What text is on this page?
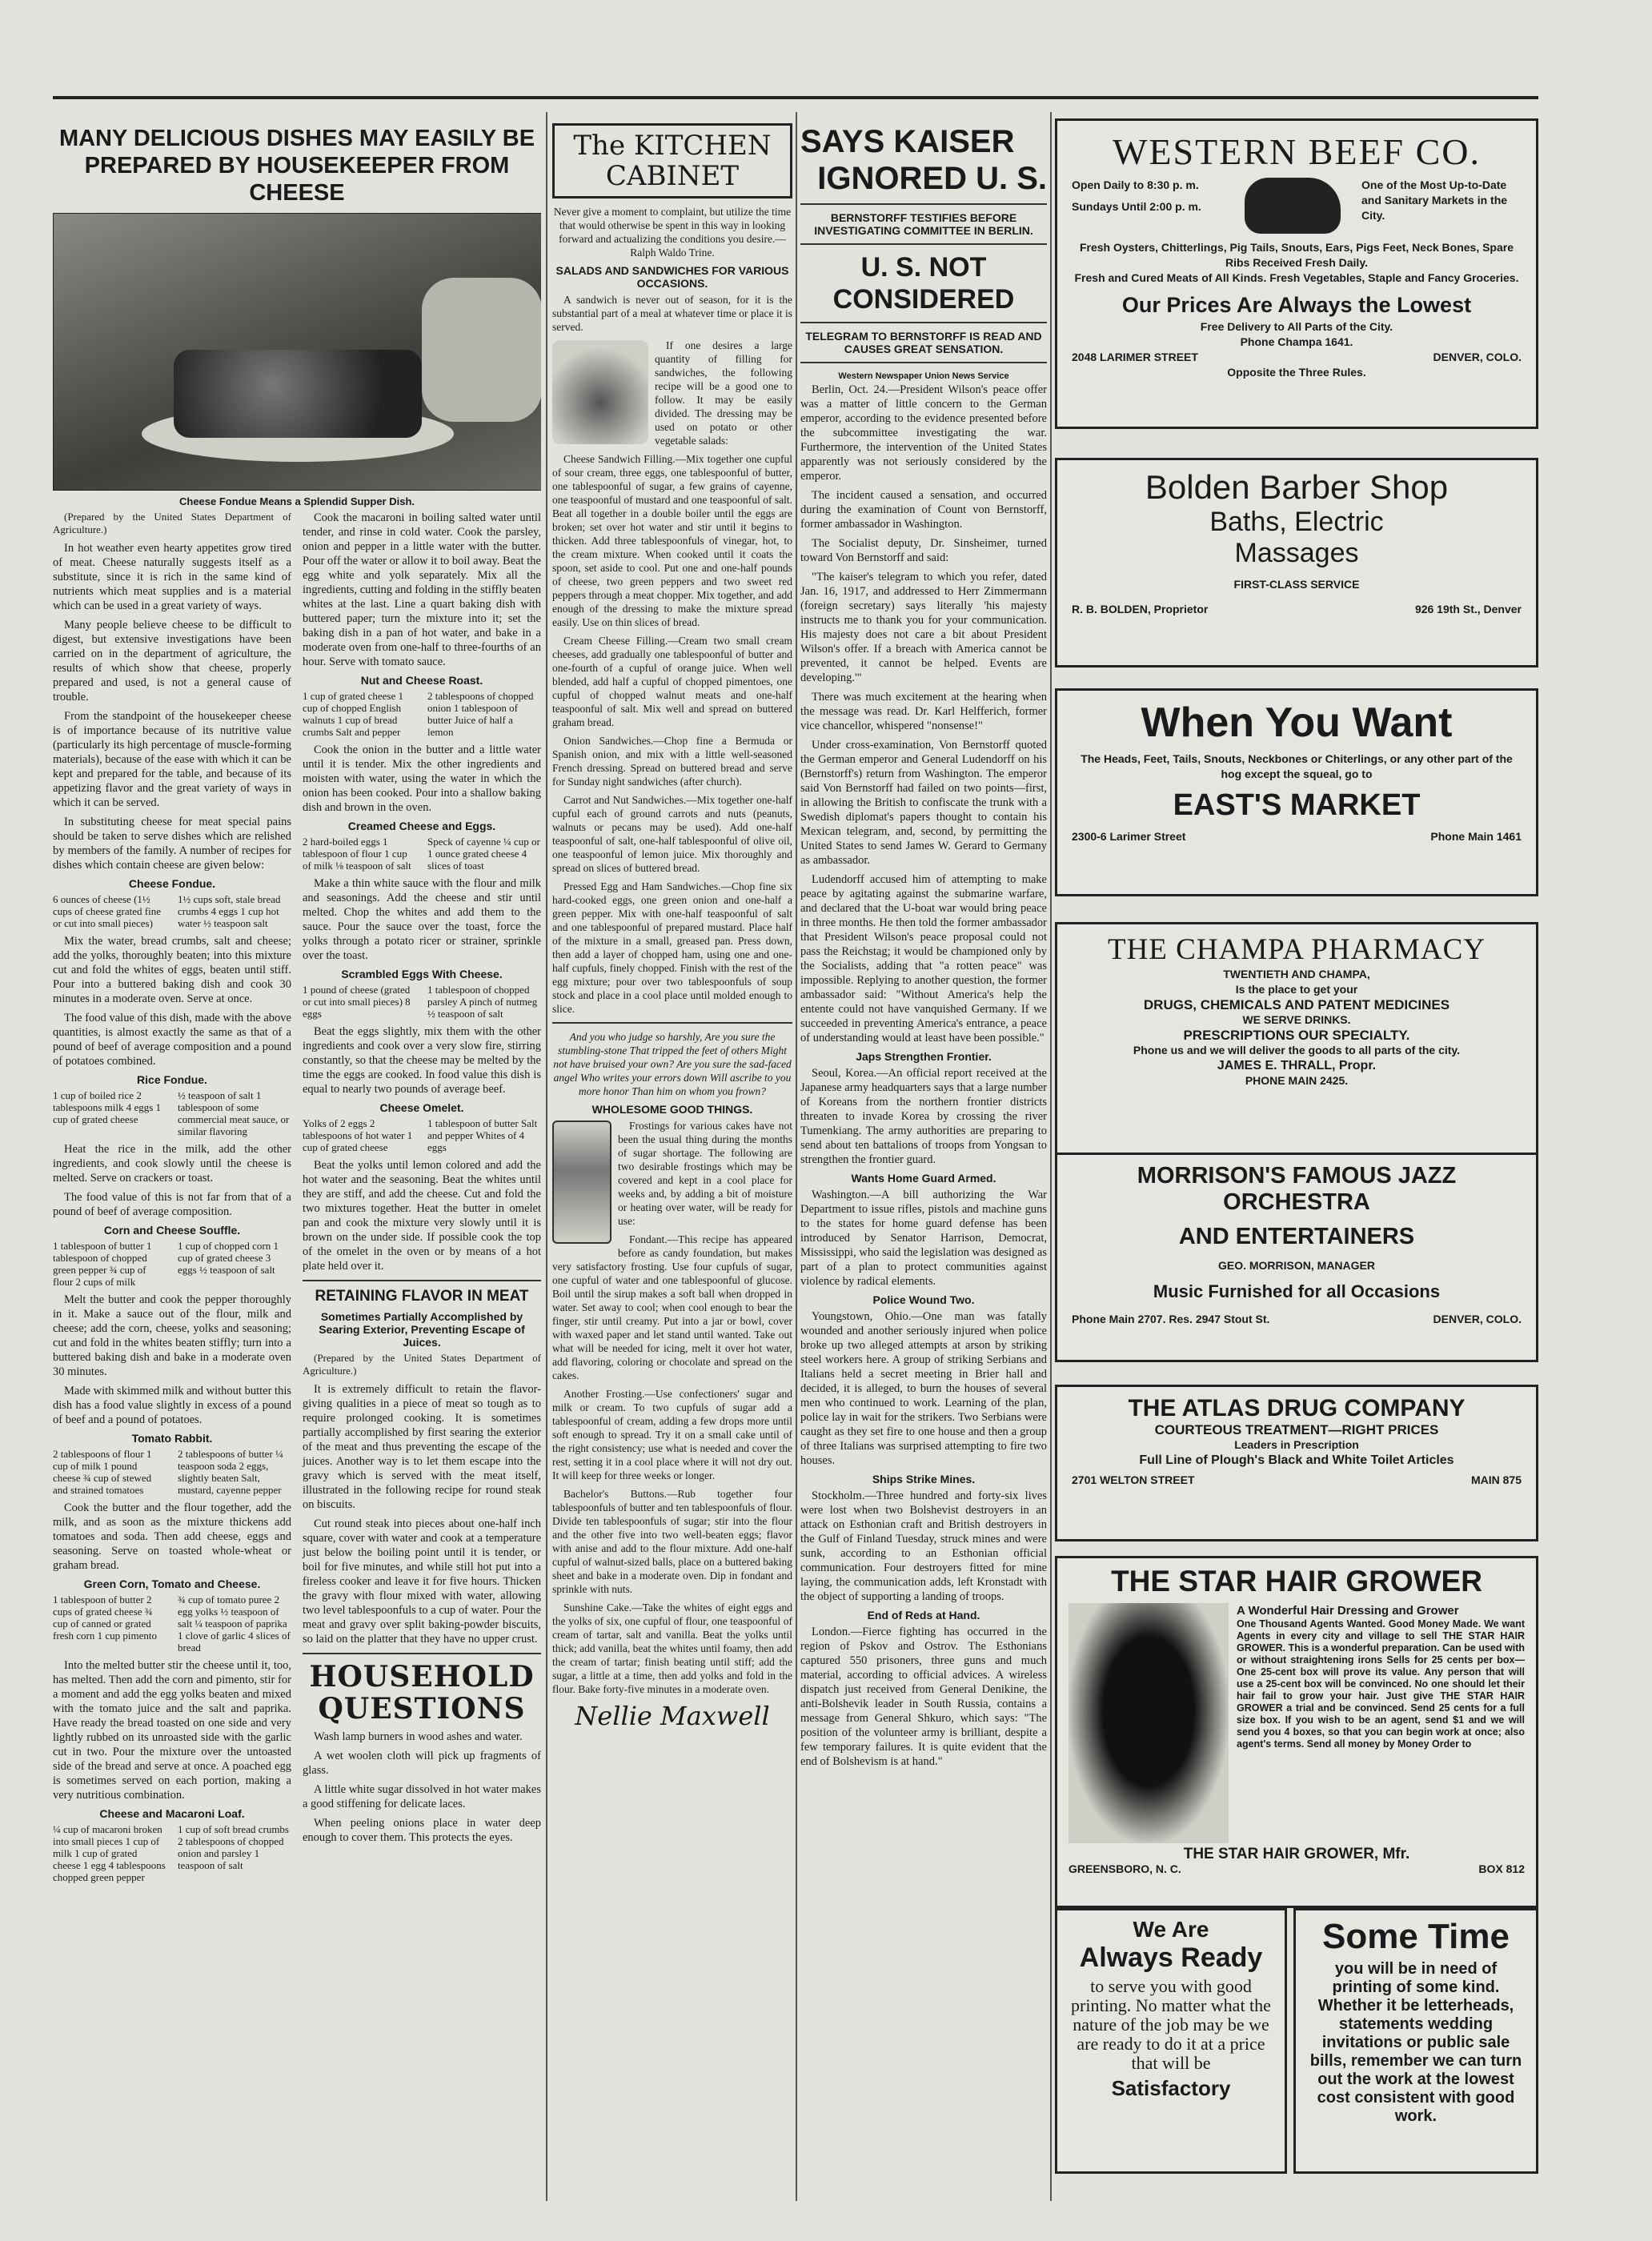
MANY DELICIOUS DISHES MAY EASILY BE PREPARED BY HOUSEKEEPER FROM CHEESE
Cheese Fondue Means a Splendid Supper Dish.

(Prepared by the United States Department of Agriculture.)

In hot weather even hearty appetites grow tired of meat. Cheese naturally suggests itself as a substitute, since it is rich in the same kind of nutrients which meat supplies and is a material which can be used in a great variety of ways.

Many people believe cheese to be difficult to digest, but extensive investigations have been carried on in the department of agriculture, the results of which show that cheese, properly prepared and used, is not a general cause of trouble.

From the standpoint of the housekeeper cheese is of importance because of its nutritive value (particularly its high percentage of muscle-forming materials), because of the ease with which it can be kept and prepared for the table, and because of its appetizing flavor and the great variety of ways in which it can be served.

In substituting cheese for meat special pains should be taken to serve dishes which are relished by members of the family. A number of recipes for dishes which contain cheese are given below:

Cheese Fondue.
6 ounces of cheese (1½ cups of cheese grated fine or cut into small pieces)
1½ cups soft, stale bread crumbs 4 eggs 1 cup hot water ½ teaspoon salt

Mix the water, bread crumbs, salt and cheese; add the yolks, thoroughly beaten; into this mixture cut and fold the whites of eggs, beaten until stiff. Pour into a buttered baking dish and cook 30 minutes in a moderate oven. Serve at once.

The food value of this dish, made with the above quantities, is almost exactly the same as that of a pound of beef of average composition and a pound of potatoes combined.

Rice Fondue.
1 cup of boiled rice 2 tablespoons milk 4 eggs 1 cup of grated cheese
½ teaspoon of salt 1 tablespoon of some commercial meat sauce, or similar flavoring

Heat the rice in the milk, add the other ingredients, and cook slowly until the cheese is melted. Serve on crackers or toast.

The food value of this is not far from that of a pound of beef of average composition.

Corn and Cheese Souffle.
1 tablespoon of butter 1 tablespoon of chopped green pepper ¾ cup of flour 2 cups of milk
1 cup of chopped corn 1 cup of grated cheese 3 eggs ½ teaspoon of salt

Melt the butter and cook the pepper thoroughly in it. Make a sauce out of the flour, milk and cheese; add the corn, cheese, yolks and seasoning; cut and fold in the whites beaten stiffly; turn into a buttered baking dish and bake in a moderate oven 30 minutes.

Made with skimmed milk and without butter this dish has a food value slightly in excess of a pound of beef and a pound of potatoes.

Tomato Rabbit.
2 tablespoons of flour 1 cup of milk 1 pound cheese ¾ cup of stewed and strained tomatoes
2 tablespoons of butter ¼ teaspoon soda 2 eggs, slightly beaten Salt, mustard, cayenne pepper

Cook the butter and the flour together, add the milk, and as soon as the mixture thickens add tomatoes and soda. Then add cheese, eggs and seasoning. Serve on toasted whole-wheat or graham bread.

Green Corn, Tomato and Cheese.
1 tablespoon of butter 2 cups of grated cheese ¾ cup of canned or grated fresh corn 1 cup pimento
¾ cup of tomato puree 2 egg yolks ½ teaspoon of salt ¼ teaspoon of paprika 1 clove of garlic 4 slices of bread

Into the melted butter stir the cheese until it, too, has melted. Then add the corn and pimento, stir for a moment and add the egg yolks beaten and mixed with the tomato juice and the salt and paprika. Have ready the bread toasted on one side and very lightly rubbed on its unroasted side with the garlic cut in two. Pour the mixture over the untoasted side of the bread and serve at once. A poached egg is sometimes served on each portion, making a very nutritious combination.

Cheese and Macaroni Loaf.
¼ cup of macaroni broken into small pieces 1 cup of milk 1 cup of grated cheese 1 egg 4 tablespoons chopped green pepper
1 cup of soft bread crumbs 2 tablespoons of chopped onion and parsley 1 teaspoon of salt

Cook the macaroni in boiling salted water until tender, and rinse in cold water. Cook the parsley, onion and pepper in a little water with the butter. Pour off the water or allow it to boil away. Beat the egg white and yolk separately. Mix all the ingredients, cutting and folding in the stiffly beaten whites at the last. Line a quart baking dish with buttered paper; turn the mixture into it; set the baking dish in a pan of hot water, and bake in a moderate oven from one-half to three-fourths of an hour. Serve with tomato sauce.

Nut and Cheese Roast.
1 cup of grated cheese 1 cup of chopped English walnuts 1 cup of bread crumbs Salt and pepper
2 tablespoons of chopped onion 1 tablespoon of butter Juice of half a lemon

Cook the onion in the butter and a little water until it is tender. Mix the other ingredients and moisten with water, using the water in which the onion has been cooked. Pour into a shallow baking dish and brown in the oven.

Creamed Cheese and Eggs.
2 hard-boiled eggs 1 tablespoon of flour 1 cup of milk ⅛ teaspoon of salt
Speck of cayenne ¼ cup or 1 ounce grated cheese 4 slices of toast

Make a thin white sauce with the flour and milk and seasonings. Add the cheese and stir until melted. Chop the whites and add them to the sauce. Pour the sauce over the toast, force the yolks through a potato ricer or strainer, sprinkle over the toast.

Scrambled Eggs With Cheese.
1 pound of cheese (grated or cut into small pieces) 8 eggs
1 tablespoon of chopped parsley A pinch of nutmeg ½ teaspoon of salt

Beat the eggs slightly, mix them with the other ingredients and cook over a very slow fire, stirring constantly, so that the cheese may be melted by the time the eggs are cooked. In food value this dish is equal to nearly two pounds of average beef.

Cheese Omelet.
Yolks of 2 eggs 2 tablespoons of hot water 1 cup of grated cheese
1 tablespoon of butter Salt and pepper Whites of 4 eggs

Beat the yolks until lemon colored and add the hot water and the seasoning. Beat the whites until they are stiff, and add the cheese. Cut and fold the two mixtures together. Heat the butter in omelet pan and cook the mixture very slowly until it is brown on the under side. If possible cook the top of the omelet in the oven or by means of a hot plate held over it.

RETAINING FLAVOR IN MEAT
Sometimes Partially Accomplished by Searing Exterior, Preventing Escape of Juices.

(Prepared by the United States Department of Agriculture.)

It is extremely difficult to retain the flavor-giving qualities in a piece of meat so tough as to require prolonged cooking. It is sometimes partially accomplished by first searing the exterior of the meat and thus preventing the escape of the juices. Another way is to let them escape into the gravy which is served with the meat itself, illustrated in the following recipe for round steak on biscuits.

Cut round steak into pieces about one-half inch square, cover with water and cook at a temperature just below the boiling point until it is tender, or boil for five minutes, and while still hot put into a fireless cooker and leave it for five hours. Thicken the gravy with flour mixed with water, allowing two level tablespoonfuls to a cup of water. Pour the meat and gravy over split baking-powder biscuits, so laid on the platter that they have no upper crust.

HOUSEHOLD
QUESTIONS

Wash lamp burners in wood ashes and water.

A wet woolen cloth will pick up fragments of glass.

A little white sugar dissolved in hot water makes a good stiffening for delicate laces.

When peeling onions place in water deep enough to cover them. This protects the eyes.

The KITCHEN CABINET

Never give a moment to complaint, but utilize the time that would otherwise be spent in this way in looking forward and actualizing the conditions you desire.—Ralph Waldo Trine.

SALADS AND SANDWICHES FOR VARIOUS OCCASIONS.

A sandwich is never out of season, for it is the substantial part of a meal at whatever time or place it is served.

If one desires a large quantity of filling for sandwiches, the following recipe will be a good one to follow. It may be easily divided. The dressing may be used on potato or other vegetable salads:

Cheese Sandwich Filling.—Mix together one cupful of sour cream, three eggs, one tablespoonful of butter, one tablespoonful of sugar, a few grains of cayenne, one teaspoonful of mustard and one teaspoonful of salt. Beat all together in a double boiler until the eggs are broken; set over hot water and stir until it begins to thicken. Add three tablespoonfuls of vinegar, hot, to the cream mixture. When cooked until it coats the spoon, set aside to cool. Put one and one-half pounds of cheese, two green peppers and two sweet red peppers through a meat chopper. Mix together, and add enough of the dressing to make the mixture spread easily. Use on thin slices of bread.

Cream Cheese Filling.—Cream two small cream cheeses, add gradually one tablespoonful of butter and one-fourth of a cupful of orange juice. When well blended, add half a cupful of chopped pimentoes, one cupful of chopped walnut meats and one-half teaspoonful of salt. Mix well and spread on buttered graham bread.

Onion Sandwiches.—Chop fine a Bermuda or Spanish onion, and mix with a little well-seasoned French dressing. Spread on buttered bread and serve for Sunday night sandwiches (after church).

Carrot and Nut Sandwiches.—Mix together one-half cupful each of ground carrots and nuts (peanuts, walnuts or pecans may be used). Add one-half teaspoonful of salt, one-half tablespoonful of olive oil, one teaspoonful of lemon juice. Mix thoroughly and spread on slices of buttered bread.

Pressed Egg and Ham Sandwiches.—Chop fine six hard-cooked eggs, one green onion and one-half a green pepper. Mix with one-half teaspoonful of salt and one tablespoonful of prepared mustard. Place half of the mixture in a small, greased pan. Press down, then add a layer of chopped ham, using one and one-half cupfuls, finely chopped. Finish with the rest of the egg mixture; pour over two tablespoonfuls of soup stock and place in a cool place until molded enough to slice.

And you who judge so harshly, Are you sure the stumbling-stone That tripped the feet of others Might not have bruised your own? Are you sure the sad-faced angel Who writes your errors down Will ascribe to you more honor Than him on whom you frown?

WHOLESOME GOOD THINGS.

Frostings for various cakes have not been the usual thing during the months of sugar shortage. The following are two desirable frostings which may be covered and kept in a cool place for weeks and, by adding a bit of moisture or heating over water, will be ready for use:

Fondant.—This recipe has appeared before as candy foundation, but makes very satisfactory frosting. Use four cupfuls of sugar, one cupful of water and one tablespoonful of glucose. Boil until the sirup makes a soft ball when dropped in water. Set away to cool; when cool enough to bear the finger, stir until creamy. Put into a jar or bowl, cover with waxed paper and let stand until wanted. Take out what will be needed for icing, melt it over hot water, add flavoring, coloring or chocolate and spread on the cakes.

Another Frosting.—Use confectioners' sugar and milk or cream. To two cupfuls of sugar add a tablespoonful of cream, adding a few drops more until soft enough to spread. Try it on a small cake until of the right consistency; use what is needed and cover the rest, setting it in a cool place where it will not dry out. It will keep for three weeks or longer.

Bachelor's Buttons.—Rub together four tablespoonfuls of butter and ten tablespoonfuls of flour. Divide ten tablespoonfuls of sugar; stir into the flour and the other five into two well-beaten eggs; flavor with anise and add to the flour mixture. Add one-half cupful of walnut-sized balls, place on a buttered baking sheet and bake in a moderate oven. Dip in fondant and sprinkle with nuts.

Sunshine Cake.—Take the whites of eight eggs and the yolks of six, one cupful of flour, one teaspoonful of cream of tartar, salt and vanilla. Beat the yolks until thick; add vanilla, beat the whites until foamy, then add the cream of tartar; finish beating until stiff; add the sugar, a little at a time, then add yolks and fold in the flour. Bake forty-five minutes in a moderate oven.

Nellie Maxwell
SAYS KAISER
IGNORED U. S.
BERNSTORFF TESTIFIES BEFORE INVESTIGATING COMMITTEE IN BERLIN.
U. S. NOT CONSIDERED
TELEGRAM TO BERNSTORFF IS READ AND CAUSES GREAT SENSATION.
Western Newspaper Union News Service

Berlin, Oct. 24.—President Wilson's peace offer was a matter of little concern to the German emperor, according to the evidence presented before the subcommittee investigating the war. Furthermore, the intervention of the United States apparently was not seriously considered by the emperor.

The incident caused a sensation, and occurred during the examination of Count von Bernstorff, former ambassador in Washington.

The Socialist deputy, Dr. Sinsheimer, turned toward Von Bernstorff and said:

"The kaiser's telegram to which you refer, dated Jan. 16, 1917, and addressed to Herr Zimmermann (foreign secretary) says literally 'his majesty instructs me to thank you for your communication. His majesty does not care a bit about President Wilson's offer. If a breach with America cannot be prevented, it cannot be helped. Events are developing.'"

There was much excitement at the hearing when the message was read. Dr. Karl Helfferich, former vice chancellor, whispered "nonsense!"

Under cross-examination, Von Bernstorff quoted the German emperor and General Ludendorff on his (Bernstorff's) return from Washington. The emperor said Von Bernstorff had failed on two points—first, in allowing the British to confiscate the trunk with a Swedish diplomat's papers thought to contain his Mexican telegram, and, second, by permitting the United States to send James W. Gerard to Germany as ambassador.

Ludendorff accused him of attempting to make peace by agitating against the submarine warfare, and declared that the U-boat war would bring peace in three months. He then told the former ambassador that President Wilson's peace proposal could not pass the Reichstag; it would be championed only by the Socialists, adding that "a rotten peace" was impossible. Replying to another question, the former ambassador said: "Without America's help the entente could not have vanquished Germany. If we succeeded in preventing America's entrance, a peace of understanding would at least have been possible."

Japs Strengthen Frontier.

Seoul, Korea.—An official report received at the Japanese army headquarters says that a large number of Koreans from the northern frontier districts threaten to invade Korea by crossing the river Tumenkiang. The army authorities are preparing to send about ten battalions of troops from Yongsan to strengthen the frontier guard.

Wants Home Guard Armed.

Washington.—A bill authorizing the War Department to issue rifles, pistols and machine guns to the states for home guard defense has been introduced by Senator Harrison, Democrat, Mississippi, who said the legislation was designed as part of a plan to protect communities against violence by radical elements.

Police Wound Two.

Youngstown, Ohio.—One man was fatally wounded and another seriously injured when police broke up two alleged attempts at arson by striking steel workers here. A group of striking Serbians and Italians held a secret meeting in Brier hall and decided, it is alleged, to burn the houses of several men who continued to work. Learning of the plan, police lay in wait for the strikers. Two Serbians were caught as they set fire to one house and then a group of three Italians was surprised attempting to fire two houses.

Ships Strike Mines.

Stockholm.—Three hundred and forty-six lives were lost when two Bolshevist destroyers in an attack on Esthonian craft and British destroyers in the Gulf of Finland Tuesday, struck mines and were sunk, according to an Esthonian official communication. Four destroyers fitted for mine laying, the communication adds, left Kronstadt with the object of supporting a landing of troops.

End of Reds at Hand.

London.—Fierce fighting has occurred in the region of Pskov and Ostrov. The Esthonians captured 550 prisoners, three guns and much material, according to official advices. A wireless dispatch just received from General Denikine, the anti-Bolshevik leader in South Russia, contains a message from General Shkuro, which says: "The position of the volunteer army is brilliant, despite a few temporary failures. It is quite evident that the end of Bolshevism is at hand."

WESTERN BEEF CO.
Open Daily to 8:30 p. m.
Sundays Until 2:00 p. m.
One of the Most Up-to-Date and Sanitary Markets in the City.
Fresh Oysters, Chitterlings, Pig Tails, Snouts, Ears, Pigs Feet, Neck Bones, Spare Ribs Received Fresh Daily.
Fresh and Cured Meats of All Kinds. Fresh Vegetables, Staple and Fancy Groceries.
Our Prices Are Always the Lowest
Free Delivery to All Parts of the City.
Phone Champa 1641.
2048 LARIMER STREET	DENVER, COLO.
Opposite the Three Rules.
Bolden Barber Shop
Baths, Electric
Massages
FIRST-CLASS SERVICE
R. B. BOLDEN, Proprietor	926 19th St., Denver
When You Want
The Heads, Feet, Tails, Snouts, Neckbones or Chiterlings, or any other part of the hog except the squeal, go to
EAST'S MARKET
2300-6 Larimer Street	Phone Main 1461
THE CHAMPA PHARMACY
TWENTIETH AND CHAMPA,
Is the place to get your
DRUGS, CHEMICALS AND PATENT MEDICINES
WE SERVE DRINKS.
PRESCRIPTIONS OUR SPECIALTY.
Phone us and we will deliver the goods to all parts of the city.
JAMES E. THRALL, Propr.
PHONE MAIN 2425.
MORRISON'S FAMOUS JAZZ ORCHESTRA
AND ENTERTAINERS
GEO. MORRISON, MANAGER
Music Furnished for all Occasions
Phone Main 2707. Res. 2947 Stout St.	DENVER, COLO.
THE ATLAS DRUG COMPANY
COURTEOUS TREATMENT—RIGHT PRICES
Leaders in Prescription
Full Line of Plough's Black and White Toilet Articles
2701 WELTON STREET	MAIN 875
THE STAR HAIR GROWER
A Wonderful Hair Dressing and Grower
One Thousand Agents Wanted. Good Money Made. We want Agents in every city and village to sell THE STAR HAIR GROWER. This is a wonderful preparation. Can be used with or without straightening irons Sells for 25 cents per box—One 25-cent box will prove its value. Any person that will use a 25-cent box will be convinced. No one should let their hair fail to grow your hair. Just give THE STAR HAIR GROWER a trial and be convinced. Send 25 cents for a full size box. If you wish to be an agent, send $1 and we will send you 4 boxes, so that you can begin work at once; also agent's terms. Send all money by Money Order to
THE STAR HAIR GROWER, Mfr.
GREENSBORO, N. C.	BOX 812
We Are
Always Ready
to serve you with good printing. No matter what the nature of the job may be we are ready to do it at a price that will be
Satisfactory
Some Time
you will be in need of printing of some kind. Whether it be letterheads, statements wedding invitations or public sale bills, remember we can turn out the work at the lowest cost consistent with good work.
